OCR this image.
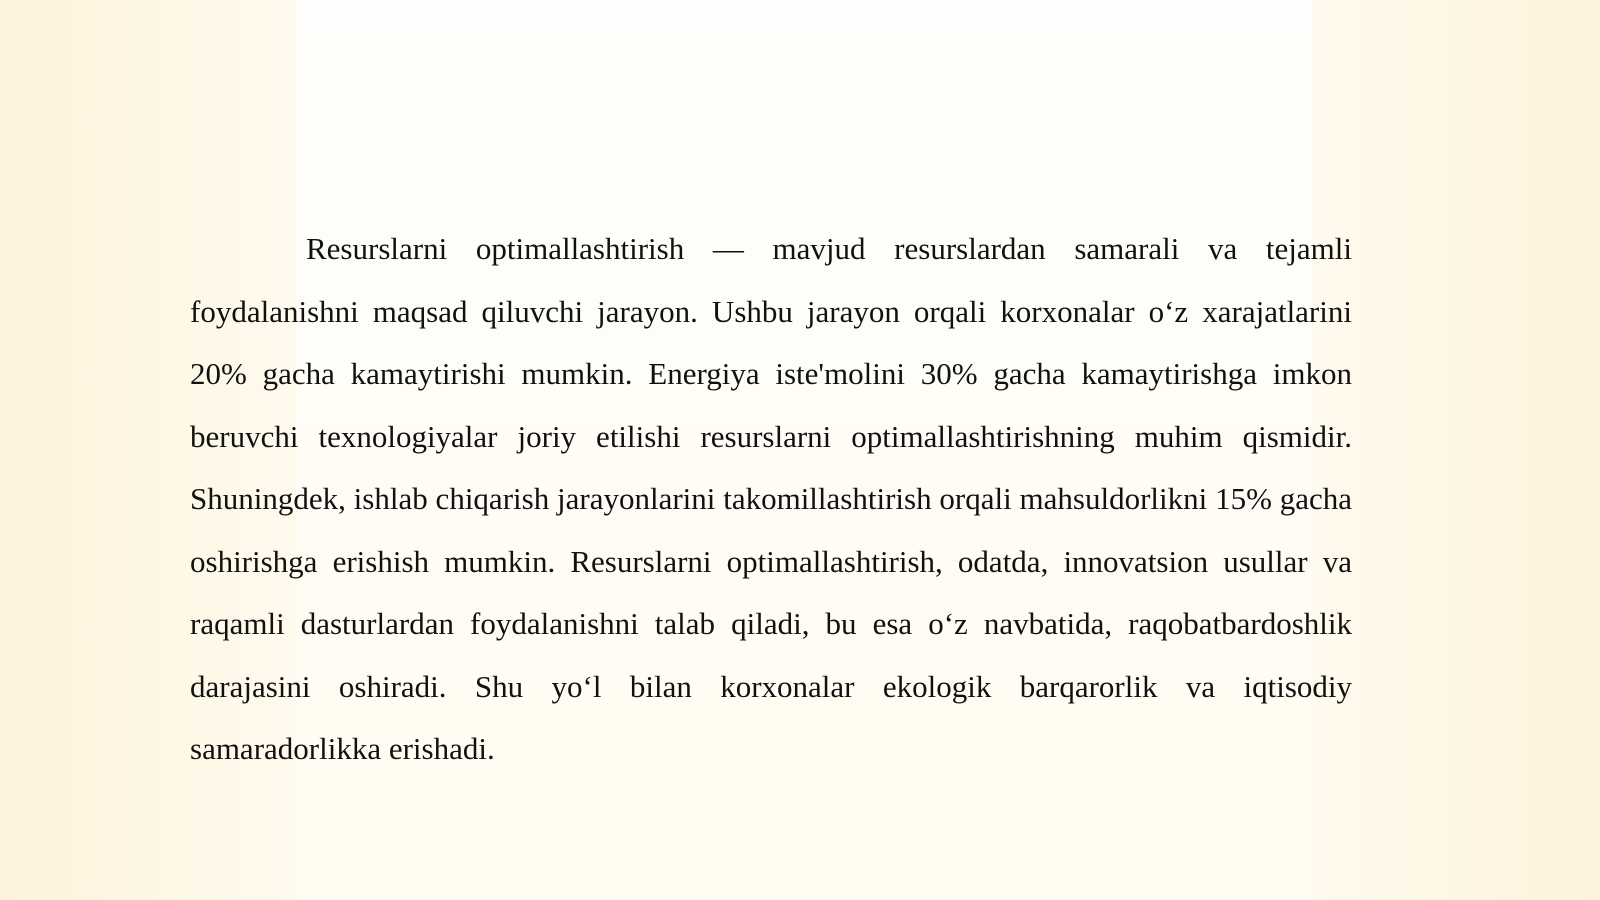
Resurslarni optimallashtirish — mavjud resurslardan samarali va tejamli foydalanishni maqsad qiluvchi jarayon. Ushbu jarayon orqali korxonalar o‘z xarajatlarini 20% gacha kamaytirishi mumkin. Energiya iste'molini 30% gacha kamaytirishga imkon beruvchi texnologiyalar joriy etilishi resurslarni optimallashtirishning muhim qismidir. Shuningdek, ishlab chiqarish jarayonlarini takomillashtirish orqali mahsuldorlikni 15% gacha oshirishga erishish mumkin. Resurslarni optimallashtirish, odatda, innovatsion usullar va raqamli dasturlardan foydalanishni talab qiladi, bu esa o‘z navbatida, raqobatbardoshlik darajasini oshiradi. Shu yo‘l bilan korxonalar ekologik barqarorlik va iqtisodiy samaradorlikka erishadi.
